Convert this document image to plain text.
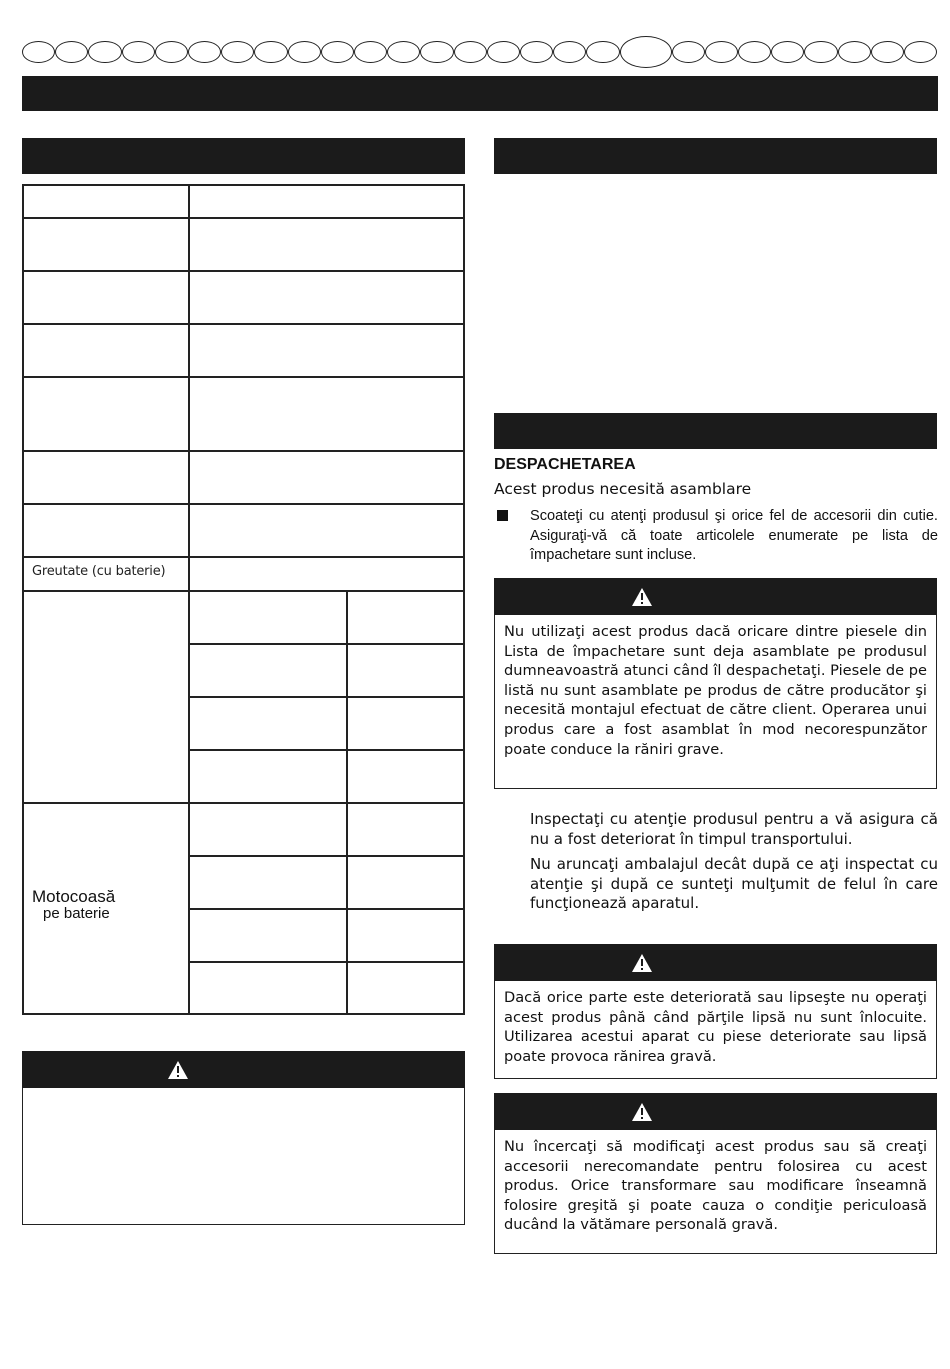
Greutate (cu baterie)
Motocoasă
pe baterie
DESPACHETAREA
Acest produs necesită asamblare
Scoateţi cu atenţi produsul şi orice fel de accesorii din cutie. Asiguraţi-vă că toate articolele enumerate pe lista de împachetare sunt incluse.
Nu utilizaţi acest produs dacă oricare dintre piesele din Lista de împachetare sunt deja asamblate pe produsul dumneavoastră atunci când îl despachetaţi. Piesele de pe listă nu sunt asamblate pe produs de către producător şi necesită montajul efectuat de către client. Operarea unui produs care a fost asamblat în mod necorespunzător poate conduce la răniri grave.
Inspectaţi cu atenţie produsul pentru a vă asigura că nu a fost deteriorat în timpul transportului.
Nu aruncaţi ambalajul decât după ce aţi inspectat cu atenţie şi după ce sunteţi mulţumit de felul în care funcţionează aparatul.
Dacă orice parte este deteriorată sau lipseşte nu operaţi acest produs până când părţile lipsă nu sunt înlocuite. Utilizarea acestui aparat cu piese deteriorate sau lipsă poate provoca rănirea gravă.
Nu încercaţi să modificaţi acest produs sau să creaţi accesorii nerecomandate pentru folosirea cu acest produs. Orice transformare sau modificare înseamnă folosire greşită şi poate cauza o condiţie periculoasă ducând la vătămare personală gravă.
